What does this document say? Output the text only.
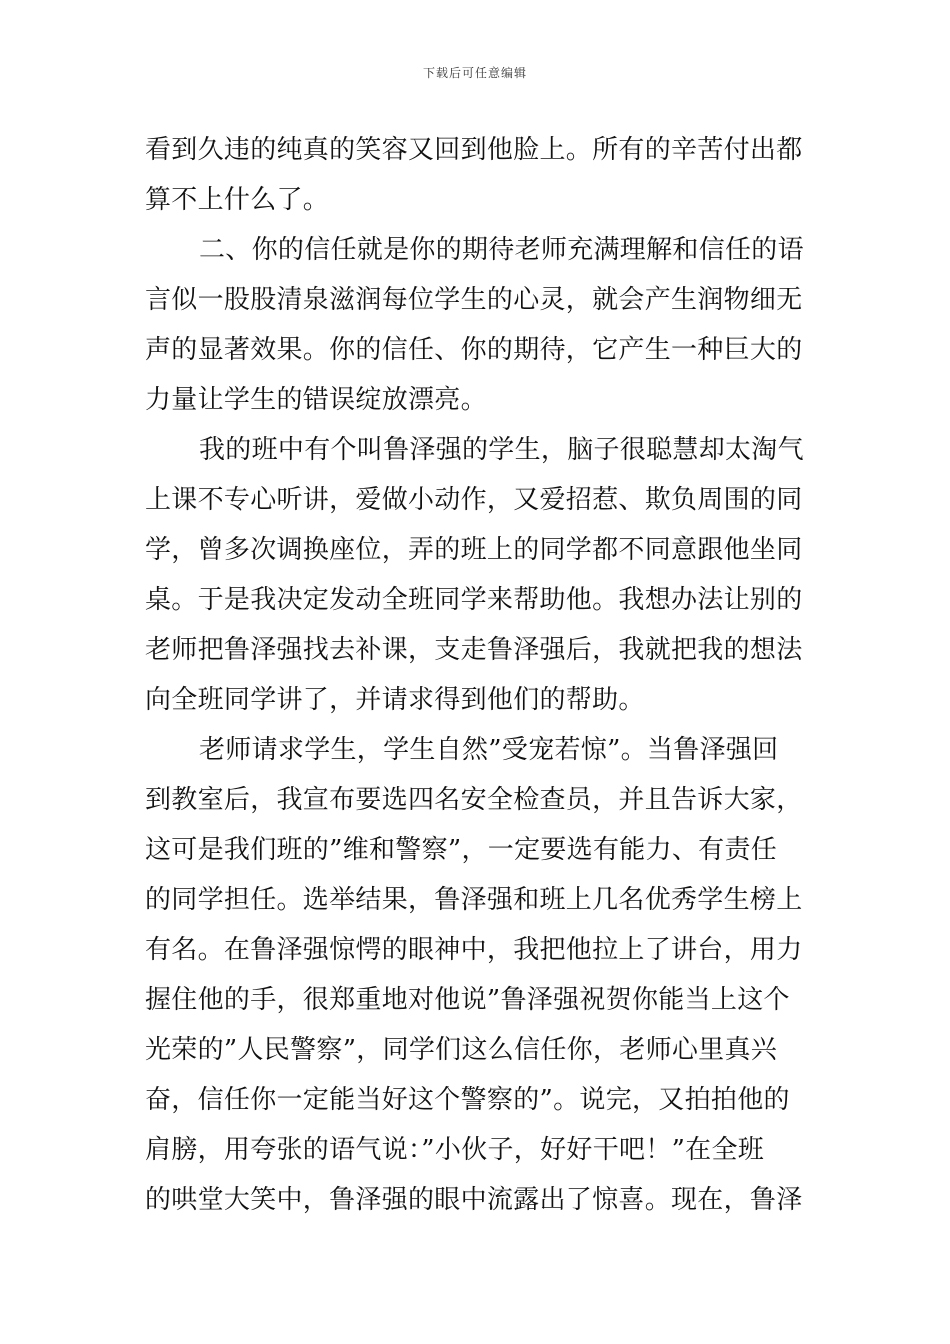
下载后可任意编辑
看到久违的纯真的笑容又回到他脸上。所有的辛苦付出都
算不上什么了。
二、你的信任就是你的期待老师充满理解和信任的语
言似一股股清泉滋润每位学生的心灵，就会产生润物细无
声的显著效果。你的信任、你的期待，它产生一种巨大的
力量让学生的错误绽放漂亮。
我的班中有个叫鲁泽强的学生，脑子很聪慧却太淘气
上课不专心听讲，爱做小动作，又爱招惹、欺负周围的同
学，曾多次调换座位，弄的班上的同学都不同意跟他坐同
桌。于是我决定发动全班同学来帮助他。我想办法让别的
老师把鲁泽强找去补课，支走鲁泽强后，我就把我的想法
向全班同学讲了，并请求得到他们的帮助。
老师请求学生，学生自然”受宠若惊”。当鲁泽强回
到教室后，我宣布要选四名安全检查员，并且告诉大家，
这可是我们班的”维和警察”，一定要选有能力、有责任
的同学担任。选举结果，鲁泽强和班上几名优秀学生榜上
有名。在鲁泽强惊愕的眼神中，我把他拉上了讲台，用力
握住他的手，很郑重地对他说”鲁泽强祝贺你能当上这个
光荣的”人民警察”，同学们这么信任你，老师心里真兴
奋，信任你一定能当好这个警察的”。说完，又拍拍他的
肩膀，用夸张的语气说：”小伙子，好好干吧！”在全班
的哄堂大笑中，鲁泽强的眼中流露出了惊喜。现在，鲁泽
